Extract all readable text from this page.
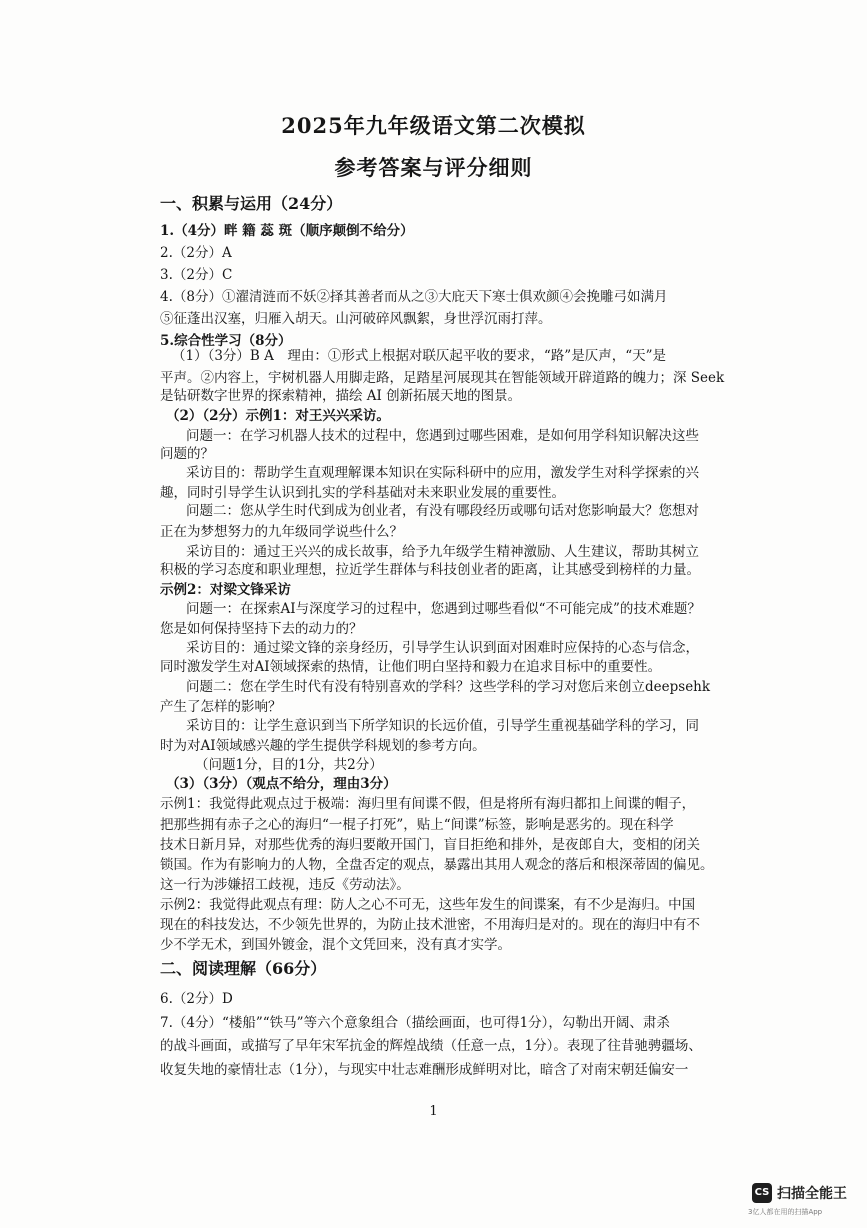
2025年九年级语文第二次模拟
参考答案与评分细则
一、积累与运用（24分）
1.（4分）畔 籍 蕊 斑（顺序颠倒不给分）
2.（2分）A
3.（2分）C
4.（8分）①濯清涟而不妖②择其善者而从之③大庇天下寒士俱欢颜④会挽雕弓如满月
⑤征蓬出汉塞，归雁入胡天。山河破碎风飘絮，身世浮沉雨打萍。
5.综合性学习（8分）
（1）（3分）B A　理由：①形式上根据对联仄起平收的要求，“路”是仄声，“天”是
平声。②内容上，宇树机器人用脚走路，足踏星河展现其在智能领域开辟道路的魄力；深 Seek
是钻研数字世界的探索精神，描绘 AI 创新拓展天地的图景。
（2）（2分）示例1：对王兴兴采访。
问题一：在学习机器人技术的过程中，您遇到过哪些困难，是如何用学科知识解决这些
问题的？
采访目的：帮助学生直观理解课本知识在实际科研中的应用，激发学生对科学探索的兴
趣，同时引导学生认识到扎实的学科基础对未来职业发展的重要性。
问题二：您从学生时代到成为创业者，有没有哪段经历或哪句话对您影响最大？您想对
正在为梦想努力的九年级同学说些什么？
采访目的：通过王兴兴的成长故事，给予九年级学生精神激励、人生建议，帮助其树立
积极的学习态度和职业理想，拉近学生群体与科技创业者的距离，让其感受到榜样的力量。
示例2：对梁文锋采访
问题一：在探索AI与深度学习的过程中，您遇到过哪些看似“不可能完成”的技术难题？
您是如何保持坚持下去的动力的？
采访目的：通过梁文锋的亲身经历，引导学生认识到面对困难时应保持的心态与信念，
同时激发学生对AI领域探索的热情，让他们明白坚持和毅力在追求目标中的重要性。
问题二：您在学生时代有没有特别喜欢的学科？这些学科的学习对您后来创立deepsehk
产生了怎样的影响？
采访目的：让学生意识到当下所学知识的长远价值，引导学生重视基础学科的学习，同
时为对AI领域感兴趣的学生提供学科规划的参考方向。
（问题1分，目的1分，共2分）
（3）（3分）（观点不给分，理由3分）
示例1：我觉得此观点过于极端：海归里有间谍不假，但是将所有海归都扣上间谍的帽子，
把那些拥有赤子之心的海归“一棍子打死”，贴上“间谍”标签，影响是恶劣的。现在科学
技术日新月异，对那些优秀的海归要敞开国门，盲目拒绝和排外，是夜郎自大，变相的闭关
锁国。作为有影响力的人物，全盘否定的观点，暴露出其用人观念的落后和根深蒂固的偏见。
这一行为涉嫌招工歧视，违反《劳动法》。
示例2：我觉得此观点有理：防人之心不可无，这些年发生的间谍案，有不少是海归。中国
现在的科技发达，不少领先世界的，为防止技术泄密，不用海归是对的。现在的海归中有不
少不学无术，到国外镀金，混个文凭回来，没有真才实学。
二、阅读理解（66分）
6.（2分）D
7.（4分）“楼船”“铁马”等六个意象组合（描绘画面，也可得1分），勾勒出开阔、肃杀
的战斗画面，或描写了早年宋军抗金的辉煌战绩（任意一点，1分）。表现了往昔驰骋疆场、
收复失地的豪情壮志（1分），与现实中壮志难酬形成鲜明对比，暗含了对南宋朝廷偏安一
1
CS 扫描全能王
3亿人都在用的扫描App
